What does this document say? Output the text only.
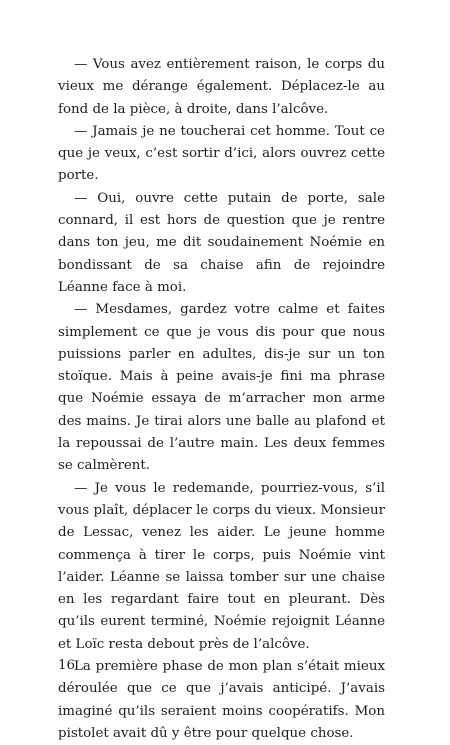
— Vous avez entièrement raison, le corps du vieux me dérange également. Déplacez-le au fond de la pièce, à droite, dans l’alcôve.

— Jamais je ne toucherai cet homme. Tout ce que je veux, c’est sortir d’ici, alors ouvrez cette porte.

— Oui, ouvre cette putain de porte, sale connard, il est hors de question que je rentre dans ton jeu, me dit soudainement Noémie en bondissant de sa chaise afin de rejoindre Léanne face à moi.

— Mesdames, gardez votre calme et faites simplement ce que je vous dis pour que nous puissions parler en adultes, dis-je sur un ton stoïque. Mais à peine avais-je fini ma phrase que Noémie essaya de m’arracher mon arme des mains. Je tirai alors une balle au plafond et la repoussai de l’autre main. Les deux femmes se calmèrent.

— Je vous le redemande, pourriez-vous, s’il vous plaît, déplacer le corps du vieux. Monsieur de Lessac, venez les aider. Le jeune homme commença à tirer le corps, puis Noémie vint l’aider. Léanne se laissa tomber sur une chaise en les regardant faire tout en pleurant. Dès qu’ils eurent terminé, Noémie rejoignit Léanne et Loïc resta debout près de l’alcôve.

La première phase de mon plan s’était mieux déroulée que ce que j’avais anticipé. J’avais imaginé qu’ils seraient moins coopératifs. Mon pistolet avait dû y être pour quelque chose.

16
